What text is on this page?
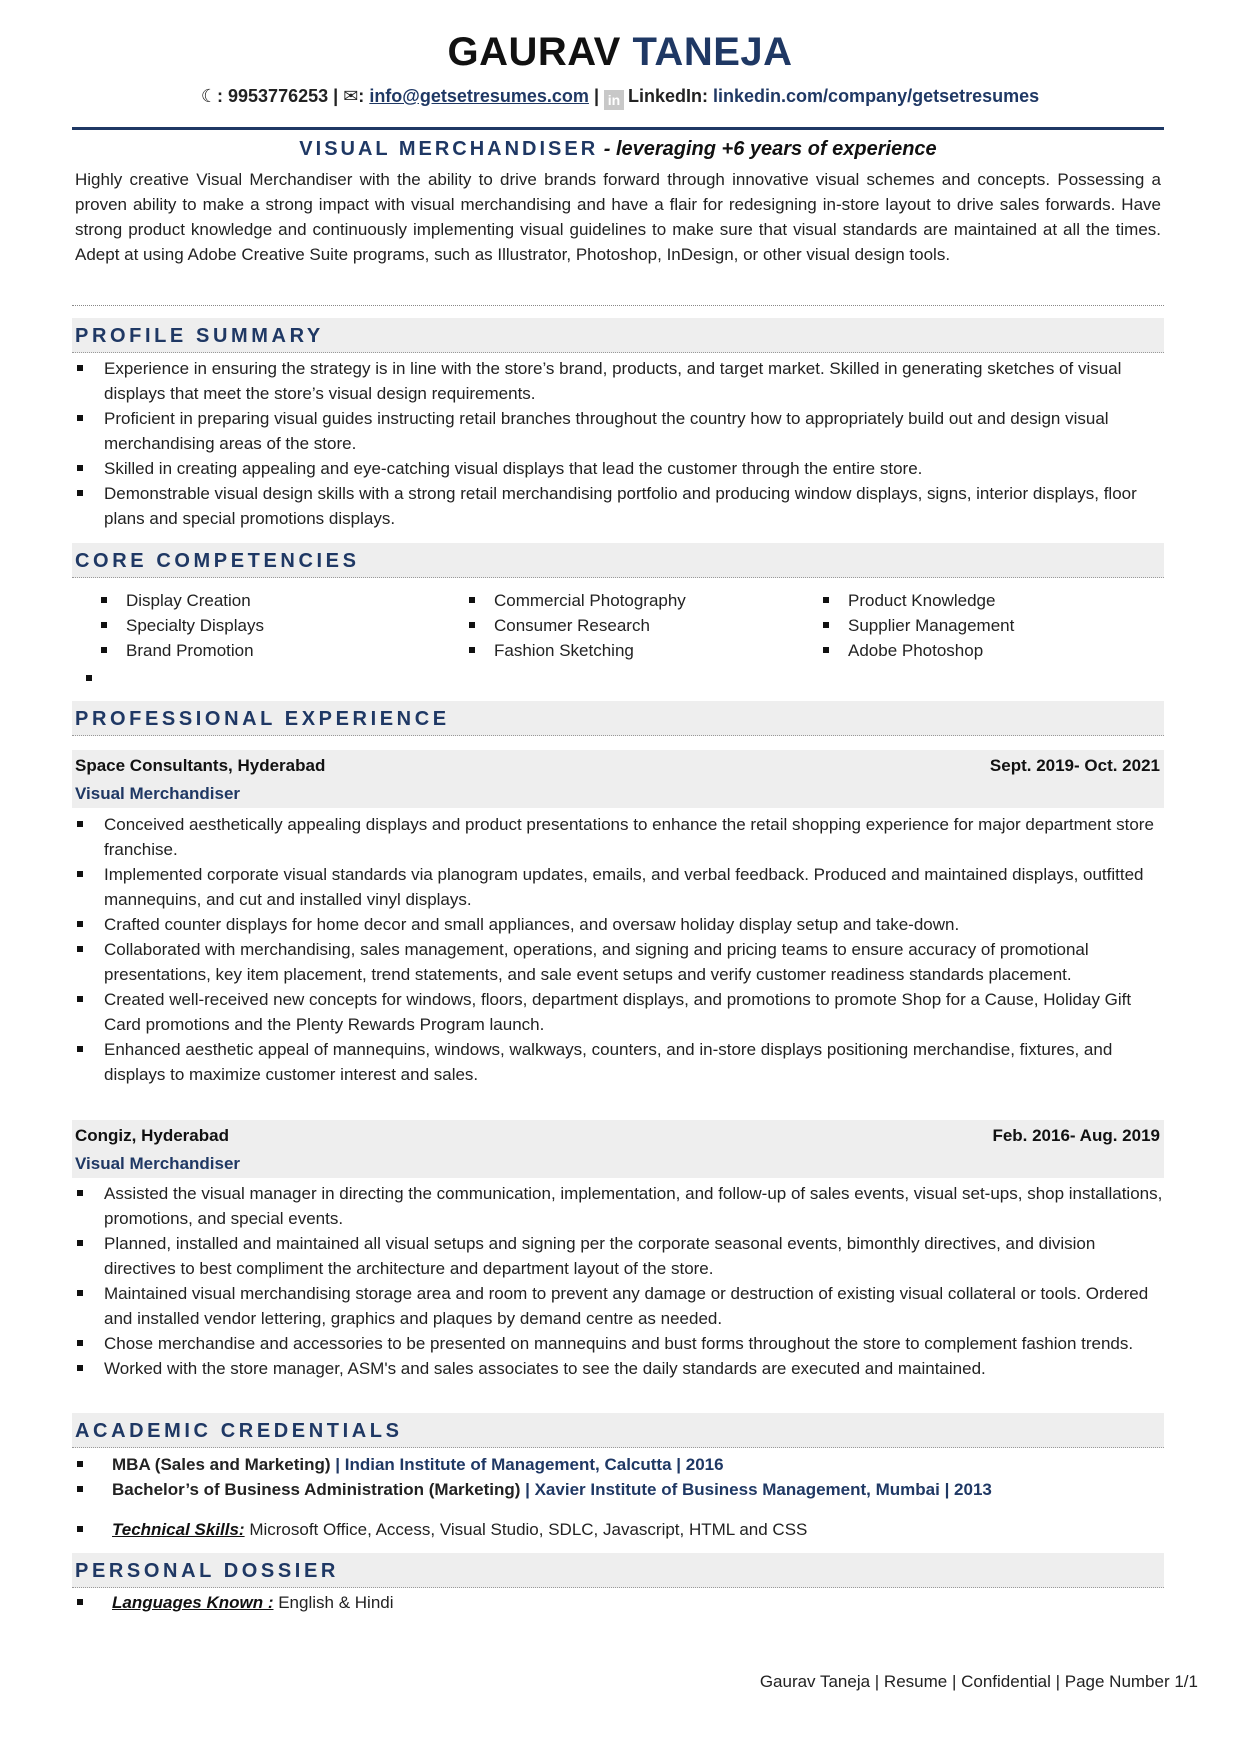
GAURAV TANEJA
☾: 9953776253 | ✉: info@getsetresumes.com | in LinkedIn: linkedin.com/company/getsetresumes
VISUAL MERCHANDISER - leveraging +6 years of experience
Highly creative Visual Merchandiser with the ability to drive brands forward through innovative visual schemes and concepts. Possessing a proven ability to make a strong impact with visual merchandising and have a flair for redesigning in-store layout to drive sales forwards. Have strong product knowledge and continuously implementing visual guidelines to make sure that visual standards are maintained at all the times. Adept at using Adobe Creative Suite programs, such as Illustrator, Photoshop, InDesign, or other visual design tools.
PROFILE SUMMARY
Experience in ensuring the strategy is in line with the store’s brand, products, and target market. Skilled in generating sketches of visual displays that meet the store’s visual design requirements.
Proficient in preparing visual guides instructing retail branches throughout the country how to appropriately build out and design visual merchandising areas of the store.
Skilled in creating appealing and eye-catching visual displays that lead the customer through the entire store.
Demonstrable visual design skills with a strong retail merchandising portfolio and producing window displays, signs, interior displays, floor plans and special promotions displays.
CORE COMPETENCIES
Display Creation
Specialty Displays
Brand Promotion
Commercial Photography
Consumer Research
Fashion Sketching
Product Knowledge
Supplier Management
Adobe Photoshop
PROFESSIONAL EXPERIENCE
Space Consultants, Hyderabad	Sept. 2019- Oct. 2021
Visual Merchandiser
Conceived aesthetically appealing displays and product presentations to enhance the retail shopping experience for major department store franchise.
Implemented corporate visual standards via planogram updates, emails, and verbal feedback. Produced and maintained displays, outfitted mannequins, and cut and installed vinyl displays.
Crafted counter displays for home decor and small appliances, and oversaw holiday display setup and take-down.
Collaborated with merchandising, sales management, operations, and signing and pricing teams to ensure accuracy of promotional presentations, key item placement, trend statements, and sale event setups and verify customer readiness standards placement.
Created well-received new concepts for windows, floors, department displays, and promotions to promote Shop for a Cause, Holiday Gift Card promotions and the Plenty Rewards Program launch.
Enhanced aesthetic appeal of mannequins, windows, walkways, counters, and in-store displays positioning merchandise, fixtures, and displays to maximize customer interest and sales.
Congiz, Hyderabad	Feb. 2016- Aug. 2019
Visual Merchandiser
Assisted the visual manager in directing the communication, implementation, and follow-up of sales events, visual set-ups, shop installations, promotions, and special events.
Planned, installed and maintained all visual setups and signing per the corporate seasonal events, bimonthly directives, and division directives to best compliment the architecture and department layout of the store.
Maintained visual merchandising storage area and room to prevent any damage or destruction of existing visual collateral or tools. Ordered and installed vendor lettering, graphics and plaques by demand centre as needed.
Chose merchandise and accessories to be presented on mannequins and bust forms throughout the store to complement fashion trends.
Worked with the store manager, ASM's and sales associates to see the daily standards are executed and maintained.
ACADEMIC CREDENTIALS
MBA (Sales and Marketing) | Indian Institute of Management, Calcutta | 2016
Bachelor’s of Business Administration (Marketing) | Xavier Institute of Business Management, Mumbai | 2013
Technical Skills: Microsoft Office, Access, Visual Studio, SDLC, Javascript, HTML and CSS
PERSONAL DOSSIER
Languages Known : English & Hindi
Gaurav Taneja | Resume | Confidential | Page Number 1/1
